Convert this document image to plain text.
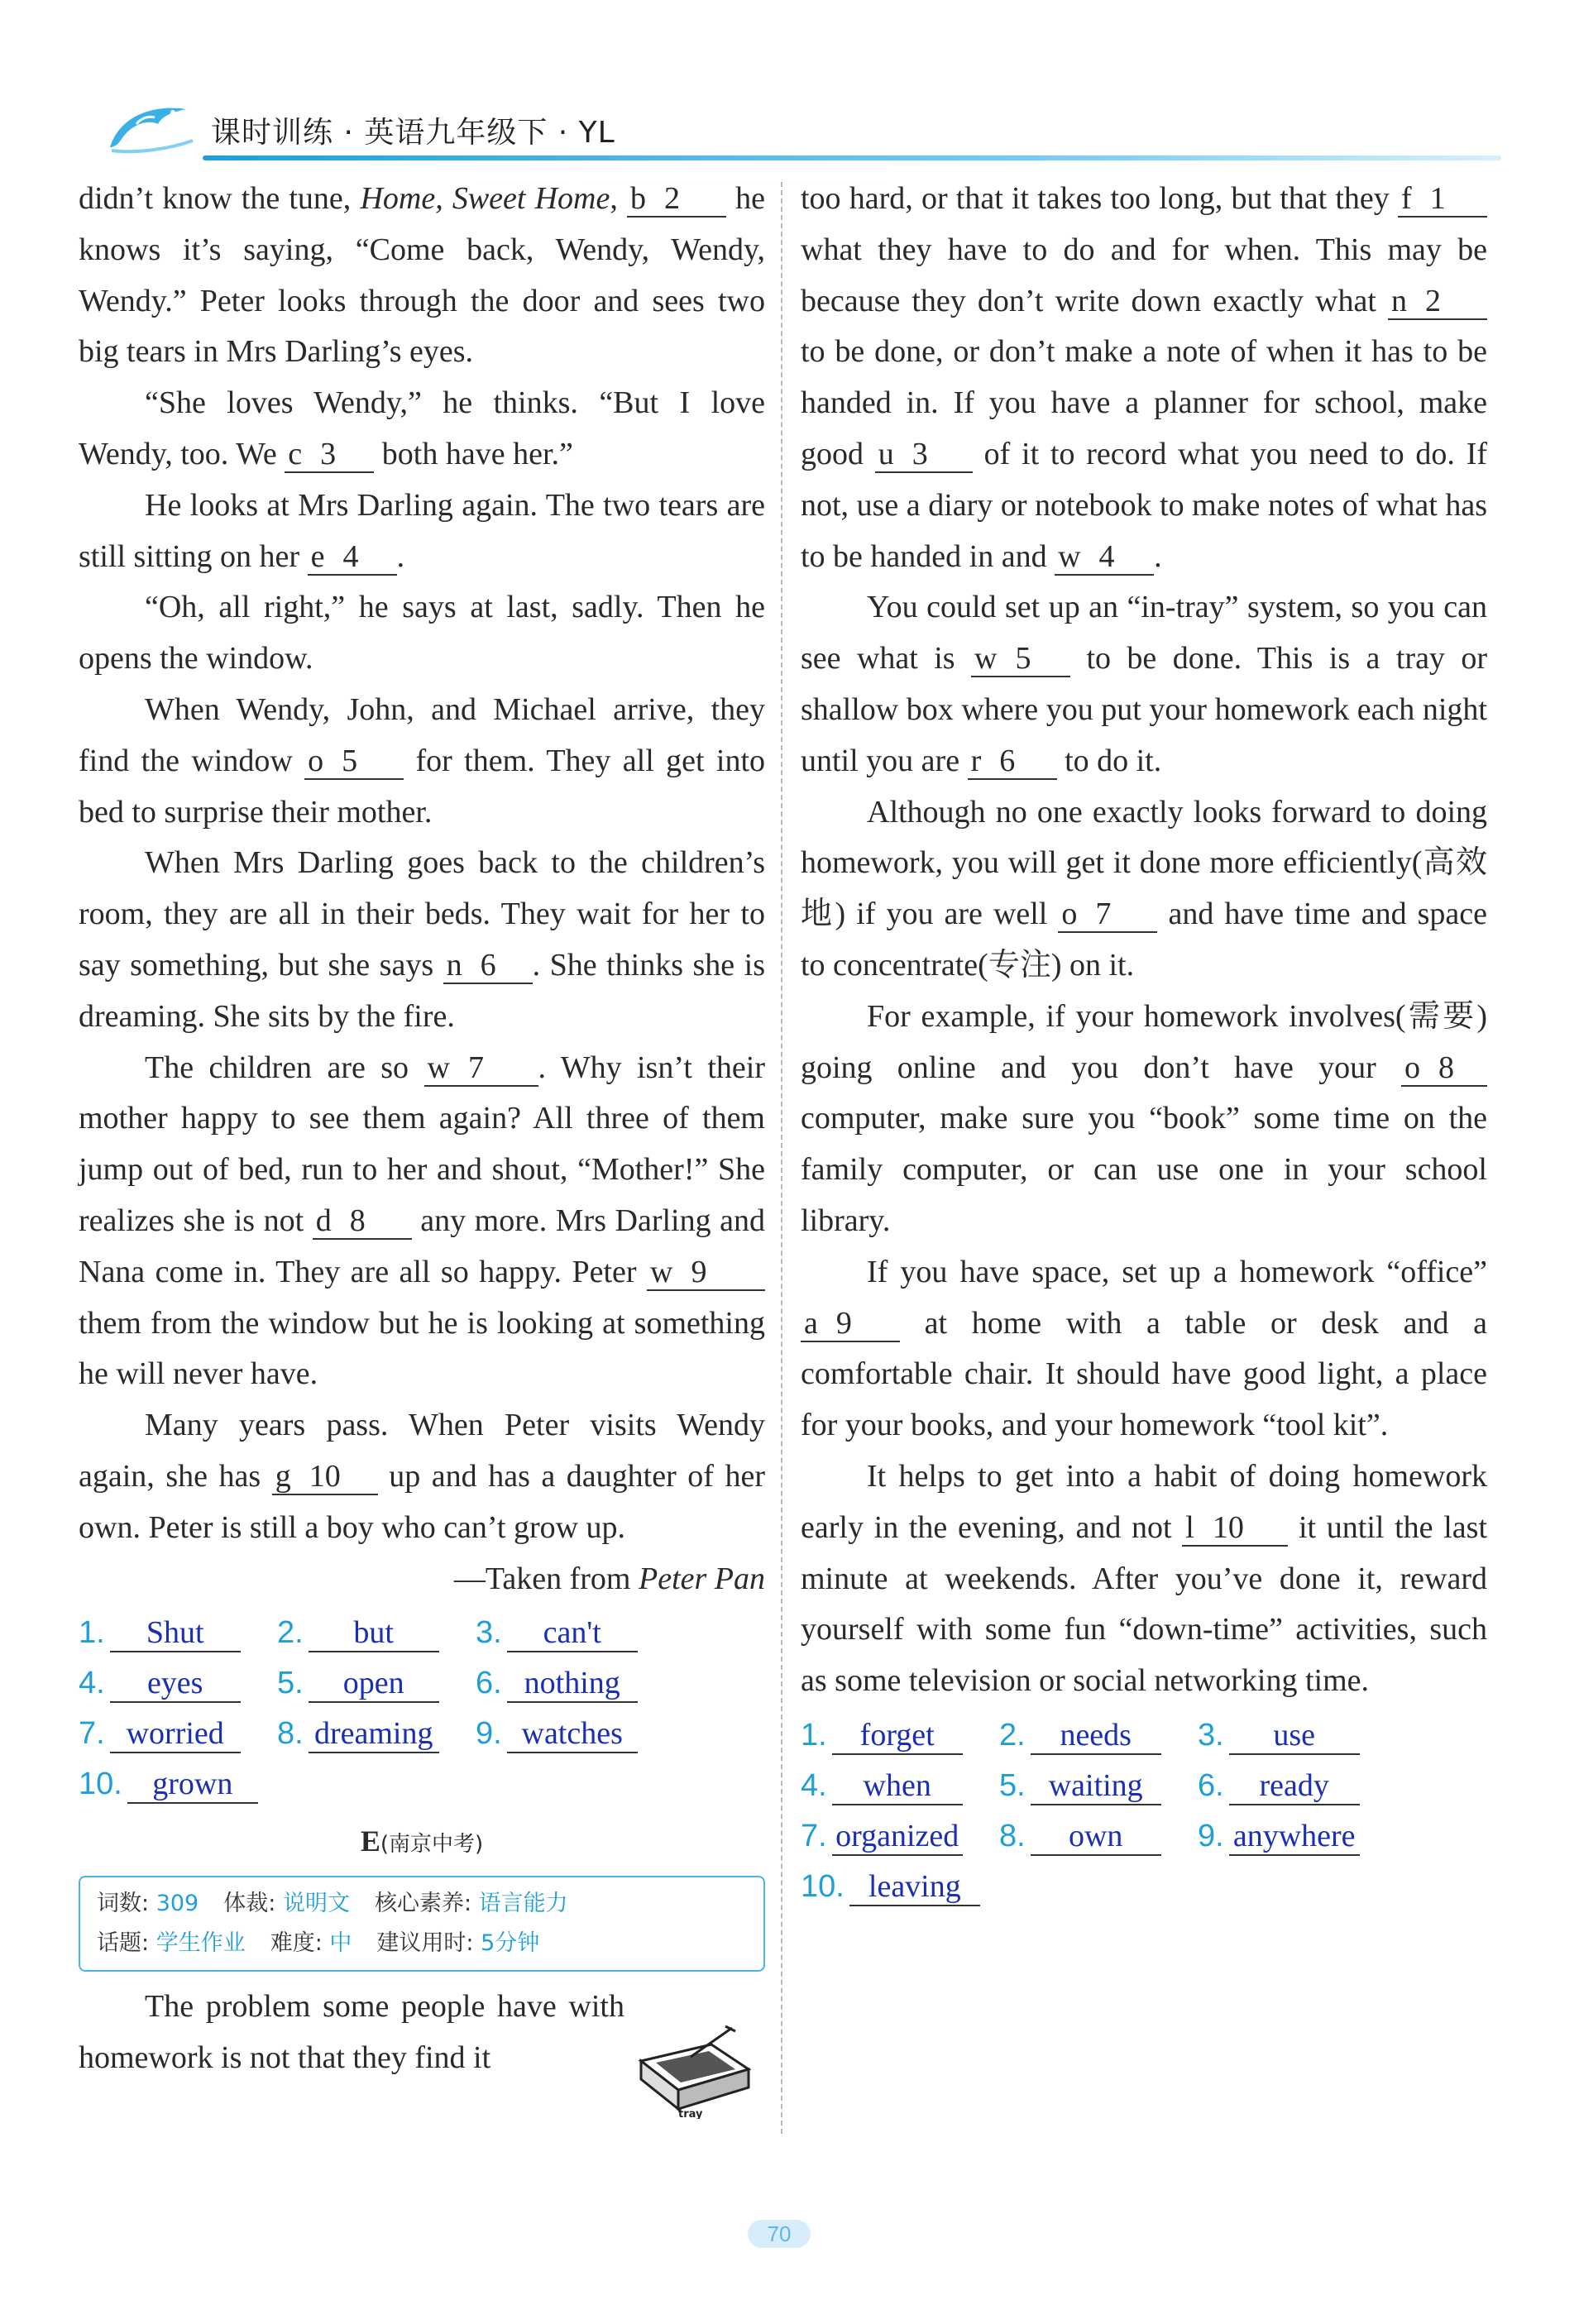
课时训练 · 英语九年级下 · YL

didn’t know the tune, Home, Sweet Home, b 2 he knows it’s saying, “Come back, Wendy, Wendy, Wendy.” Peter looks through the door and sees two big tears in Mrs Darling’s eyes.

“She loves Wendy,” he thinks. “But I love Wendy, too. We c 3 both have her.”

He looks at Mrs Darling again. The two tears are still sitting on her e 4 .

“Oh, all right,” he says at last, sadly. Then he opens the window.

When Wendy, John, and Michael arrive, they find the window o 5 for them. They all get into bed to surprise their mother.

When Mrs Darling goes back to the children’s room, they are all in their beds. They wait for her to say something, but she says n 6 . She thinks she is dreaming. She sits by the fire.

The children are so w 7 . Why isn’t their mother happy to see them again? All three of them jump out of bed, run to her and shout, “Mother!” She realizes she is not d 8 any more. Mrs Darling and Nana come in. They are all so happy. Peter w 9 them from the window but he is looking at something he will never have.

Many years pass. When Peter visits Wendy again, she has g 10 up and has a daughter of her own. Peter is still a boy who can’t grow up.

—Taken from Peter Pan

1. Shut	2. but	3. can't
4. eyes	5. open	6. nothing
7. worried	8. dreaming 9. watches
10. grown
E(南京中考)
词数: 309 体裁: 说明文 核心素养: 语言能力
话题: 学生作业 难度: 中 建议用时: 5分钟

The problem some people have with homework is not that they find it

tray

too hard, or that it takes too long, but that they f 1 what they have to do and for when. This may be because they don’t write down exactly what n 2 to be done, or don’t make a note of when it has to be handed in. If you have a planner for school, make good u 3 of it to record what you need to do. If not, use a diary or notebook to make notes of what has to be handed in and w 4 .

You could set up an “in-tray” system, so you can see what is w 5 to be done. This is a tray or shallow box where you put your homework each night until you are r 6 to do it.

Although no one exactly looks forward to doing homework, you will get it done more efficiently(高效地) if you are well o 7 and have time and space to concentrate(专注) on it.

For example, if your homework involves(需要) going online and you don’t have your o 8 computer, make sure you “book” some time on the family computer, or can use one in your school library.

If you have space, set up a homework “office” a 9 at home with a table or desk and a comfortable chair. It should have good light, a place for your books, and your homework “tool kit”.

It helps to get into a habit of doing homework early in the evening, and not l 10 it until the last minute at weekends. After you’ve done it, reward yourself with some fun “down-time” activities, such as some television or social networking time.

1. forget	2. needs	3. use
4. when	5. waiting	6. ready
7. organized 8. own	9. anywhere
10. leaving
70
